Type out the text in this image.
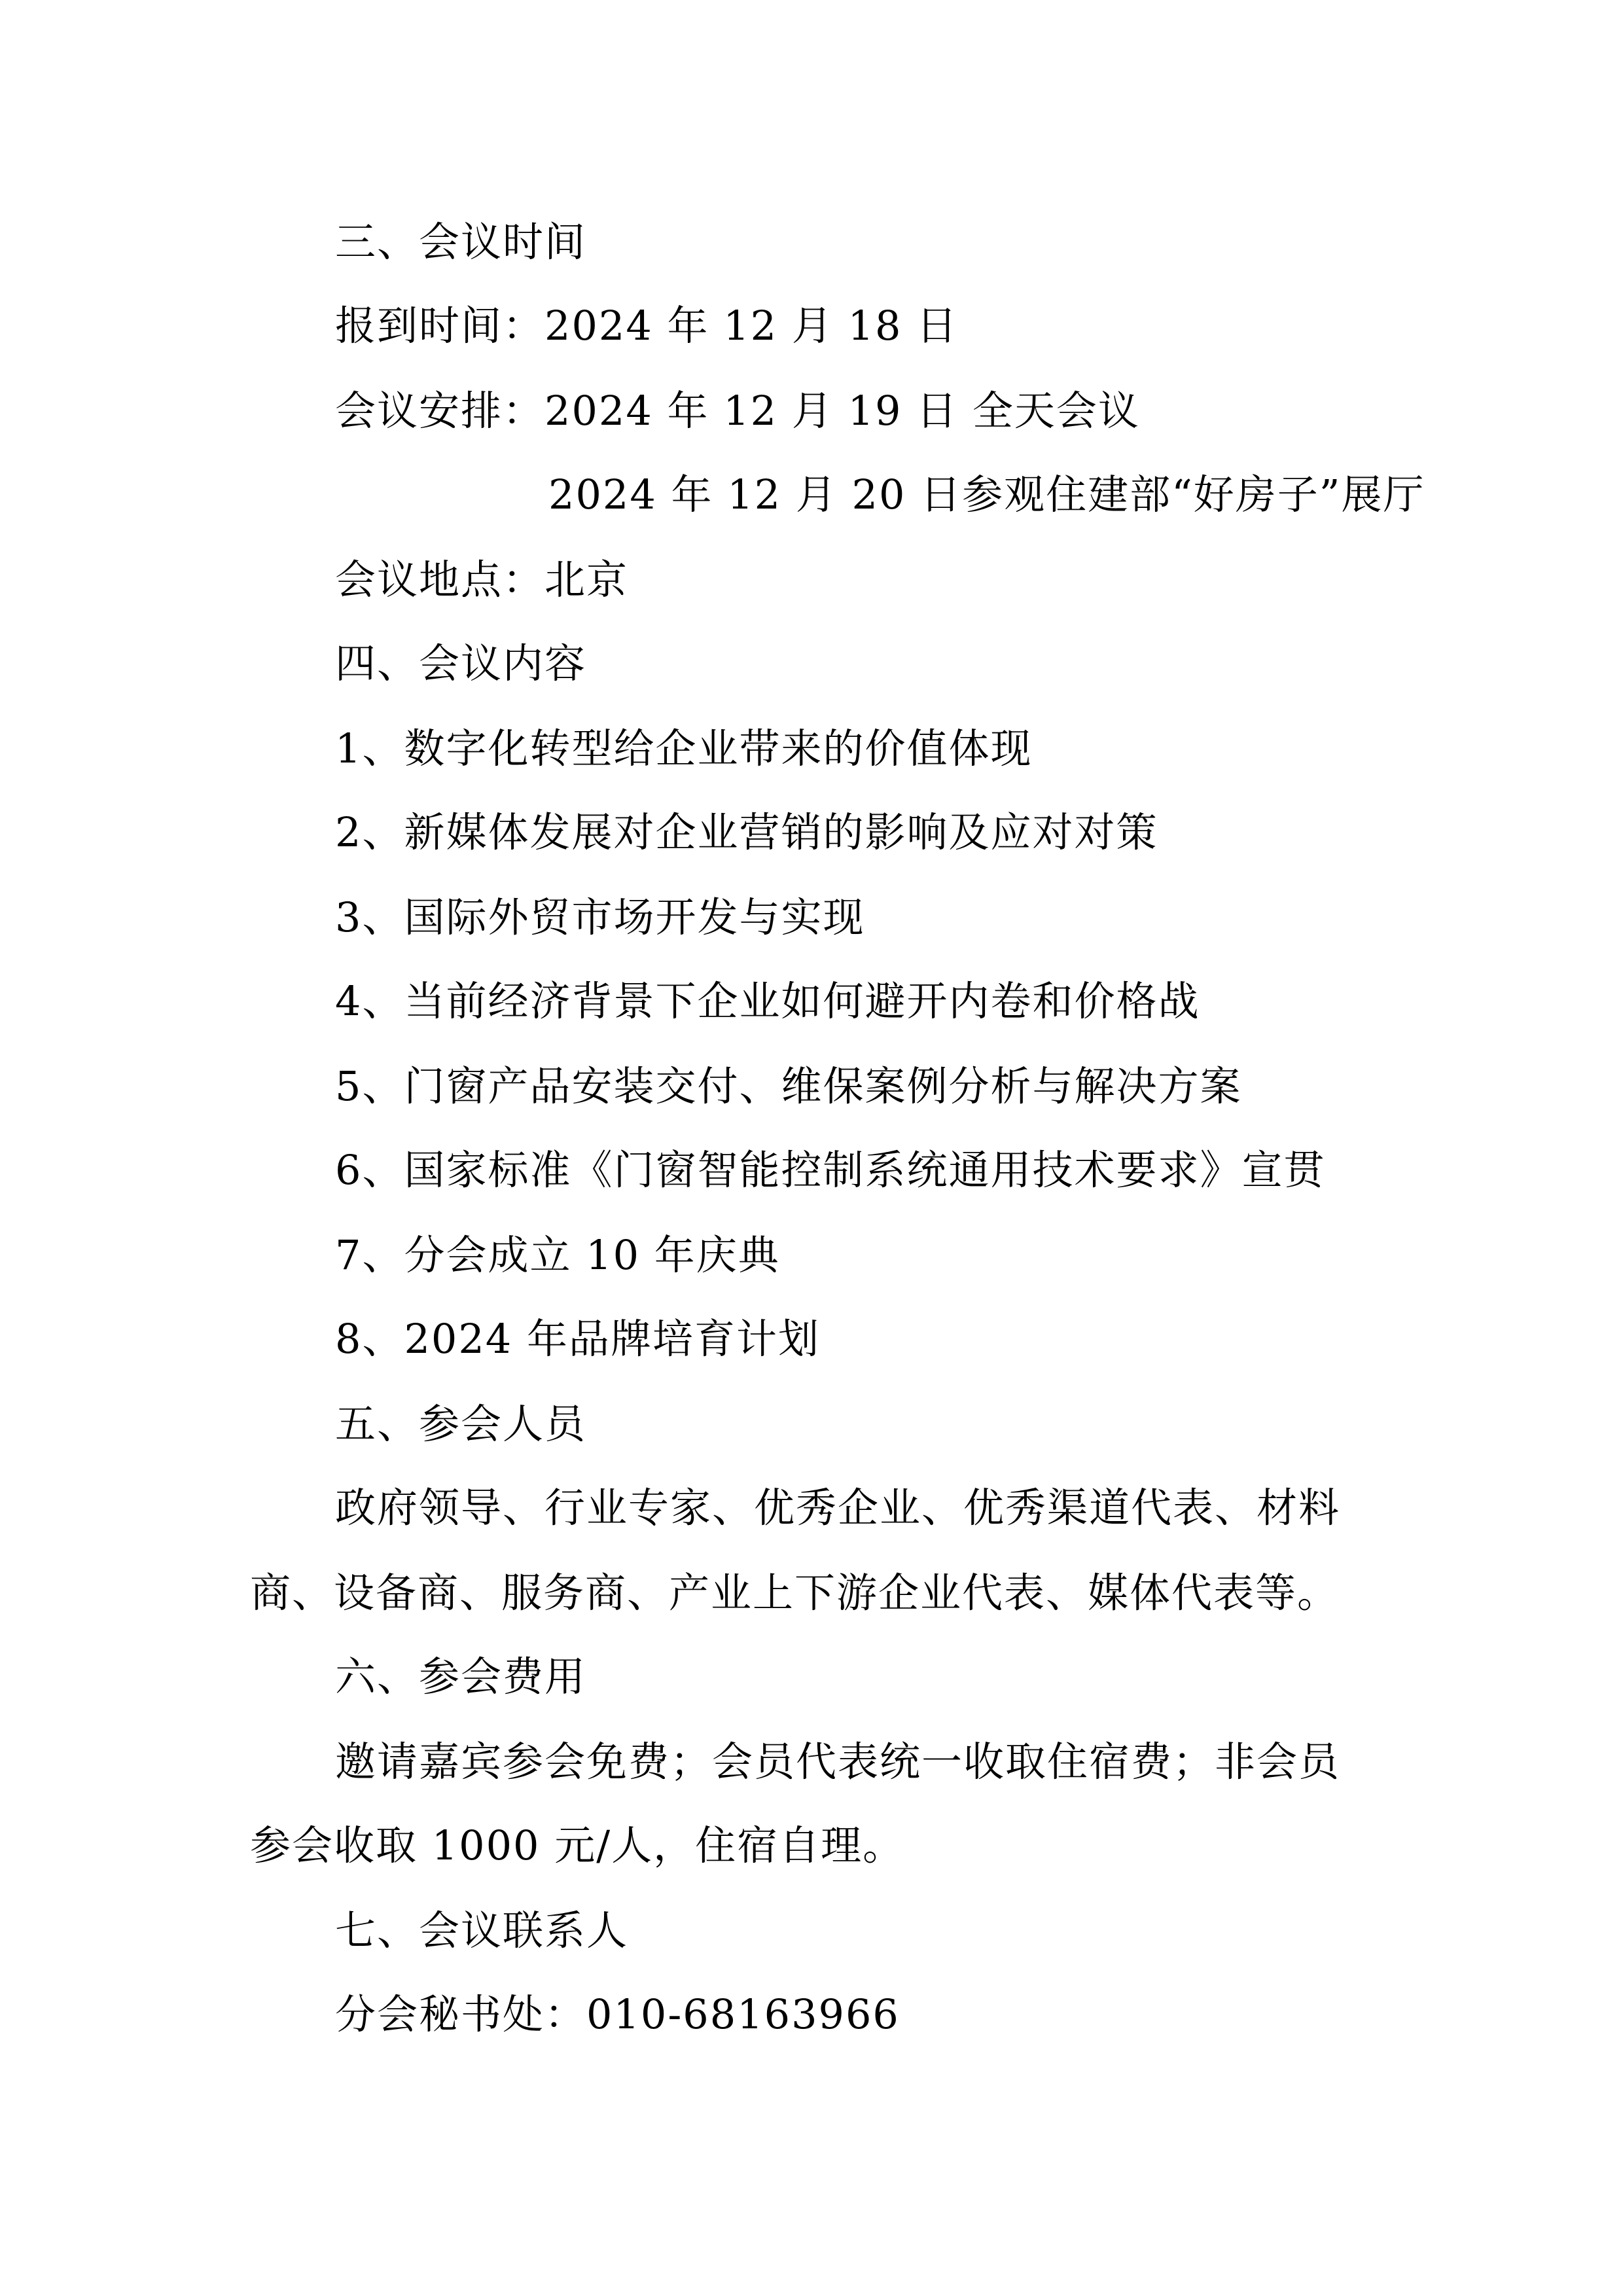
三、会议时间
报到时间：2024 年 12 月 18 日
会议安排：2024 年 12 月 19 日 全天会议
2024 年 12 月 20 日参观住建部“好房子”展厅
会议地点：北京
四、会议内容
1、数字化转型给企业带来的价值体现
2、新媒体发展对企业营销的影响及应对对策
3、国际外贸市场开发与实现
4、当前经济背景下企业如何避开内卷和价格战
5、门窗产品安装交付、维保案例分析与解决方案
6、国家标准《门窗智能控制系统通用技术要求》宣贯
7、分会成立 10 年庆典
8、2024 年品牌培育计划
五、参会人员
政府领导、行业专家、优秀企业、优秀渠道代表、材料
商、设备商、服务商、产业上下游企业代表、媒体代表等。
六、参会费用
邀请嘉宾参会免费；会员代表统一收取住宿费；非会员
参会收取 1000 元/人，住宿自理。
七、会议联系人
分会秘书处：010-68163966
